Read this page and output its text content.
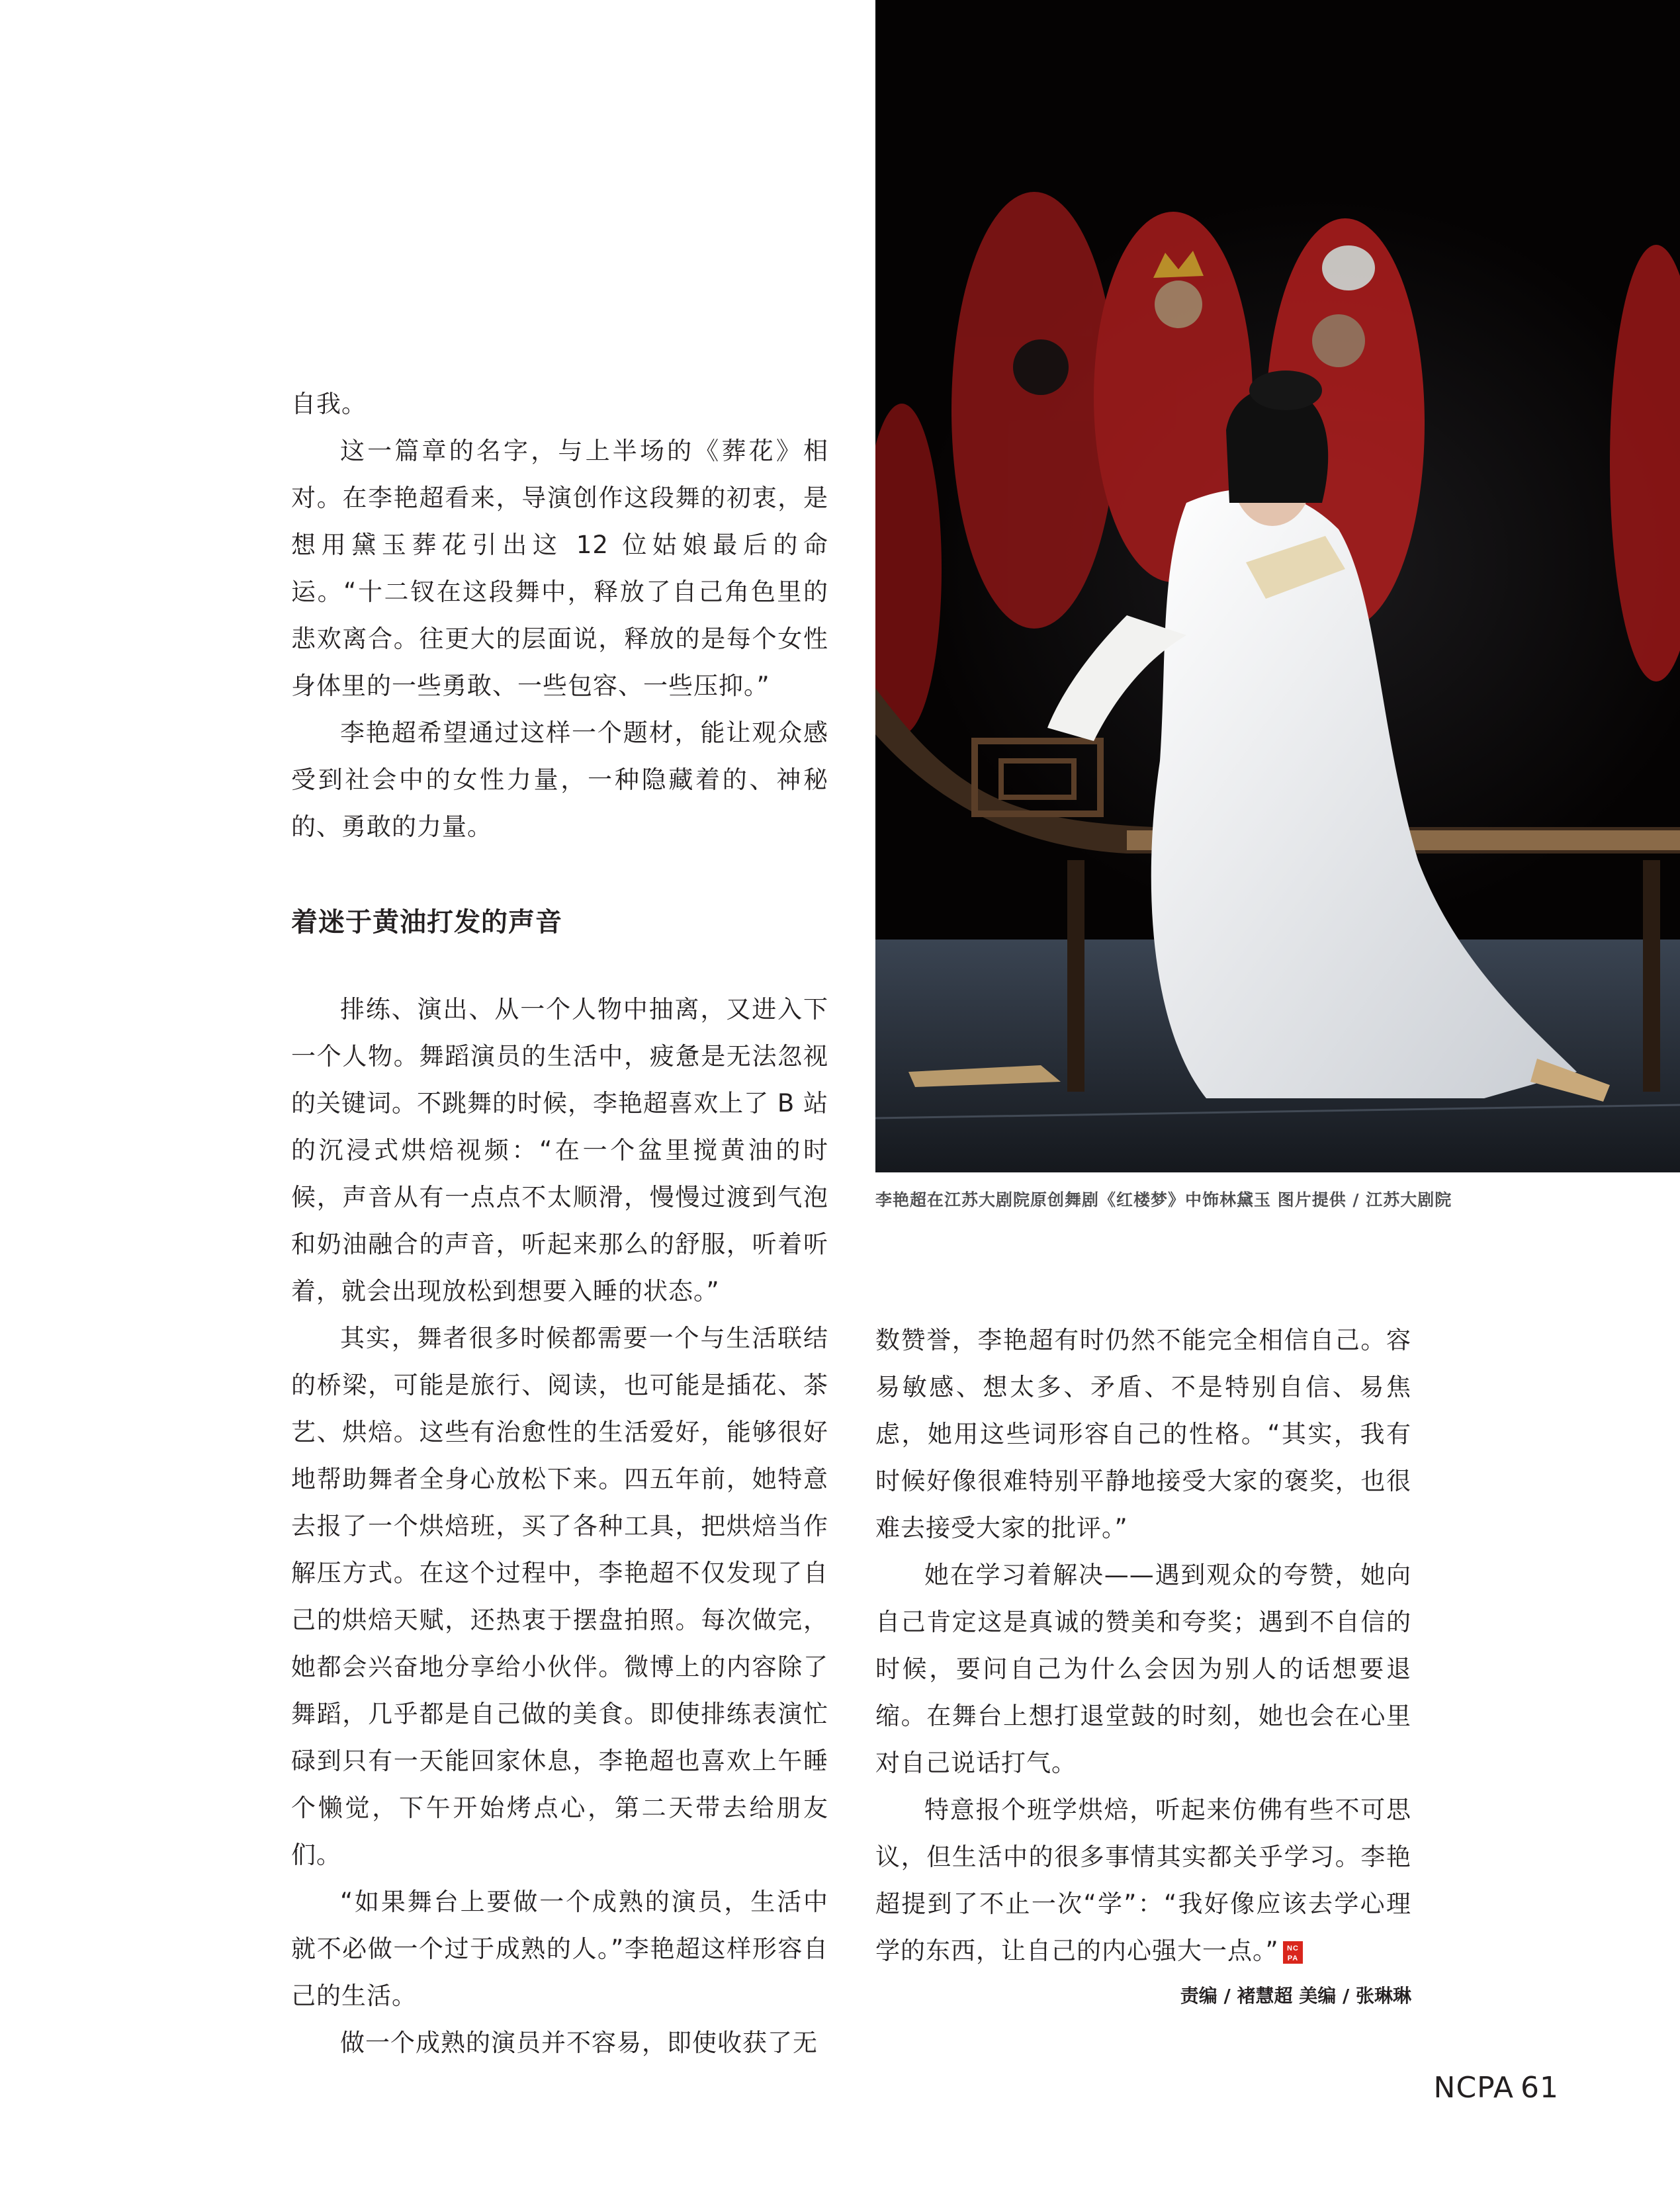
自我。

这一篇章的名字，与上半场的《葬花》相对。在李艳超看来，导演创作这段舞的初衷，是想用黛玉葬花引出这 12 位姑娘最后的命运。“十二钗在这段舞中，释放了自己角色里的悲欢离合。往更大的层面说，释放的是每个女性身体里的一些勇敢、一些包容、一些压抑。”

李艳超希望通过这样一个题材，能让观众感受到社会中的女性力量，一种隐藏着的、神秘的、勇敢的力量。

着迷于黄油打发的声音

排练、演出、从一个人物中抽离，又进入下一个人物。舞蹈演员的生活中，疲惫是无法忽视的关键词。不跳舞的时候，李艳超喜欢上了 B 站的沉浸式烘焙视频：“在一个盆里搅黄油的时候，声音从有一点点不太顺滑，慢慢过渡到气泡和奶油融合的声音，听起来那么的舒服，听着听着，就会出现放松到想要入睡的状态。”

其实，舞者很多时候都需要一个与生活联结的桥梁，可能是旅行、阅读，也可能是插花、茶艺、烘焙。这些有治愈性的生活爱好，能够很好地帮助舞者全身心放松下来。四五年前，她特意去报了一个烘焙班，买了各种工具，把烘焙当作解压方式。在这个过程中，李艳超不仅发现了自己的烘焙天赋，还热衷于摆盘拍照。每次做完，她都会兴奋地分享给小伙伴。微博上的内容除了舞蹈，几乎都是自己做的美食。即使排练表演忙碌到只有一天能回家休息，李艳超也喜欢上午睡个懒觉，下午开始烤点心，第二天带去给朋友们。

“如果舞台上要做一个成熟的演员，生活中就不必做一个过于成熟的人。”李艳超这样形容自己的生活。

做一个成熟的演员并不容易，即使收获了无

李艳超在江苏大剧院原创舞剧《红楼梦》中饰林黛玉 图片提供 / 江苏大剧院

数赞誉，李艳超有时仍然不能完全相信自己。容易敏感、想太多、矛盾、不是特别自信、易焦虑，她用这些词形容自己的性格。“其实，我有时候好像很难特别平静地接受大家的褒奖，也很难去接受大家的批评。”

她在学习着解决——遇到观众的夸赞，她向自己肯定这是真诚的赞美和夸奖；遇到不自信的时候，要问自己为什么会因为别人的话想要退缩。在舞台上想打退堂鼓的时刻，她也会在心里对自己说话打气。

特意报个班学烘焙，听起来仿佛有些不可思议，但生活中的很多事情其实都关乎学习。李艳超提到了不止一次“学”：“我好像应该去学心理学的东西，让自己的内心强大一点。” NC
PA

责编 / 褚慧超 美编 / 张琳琳
NCPA 61
